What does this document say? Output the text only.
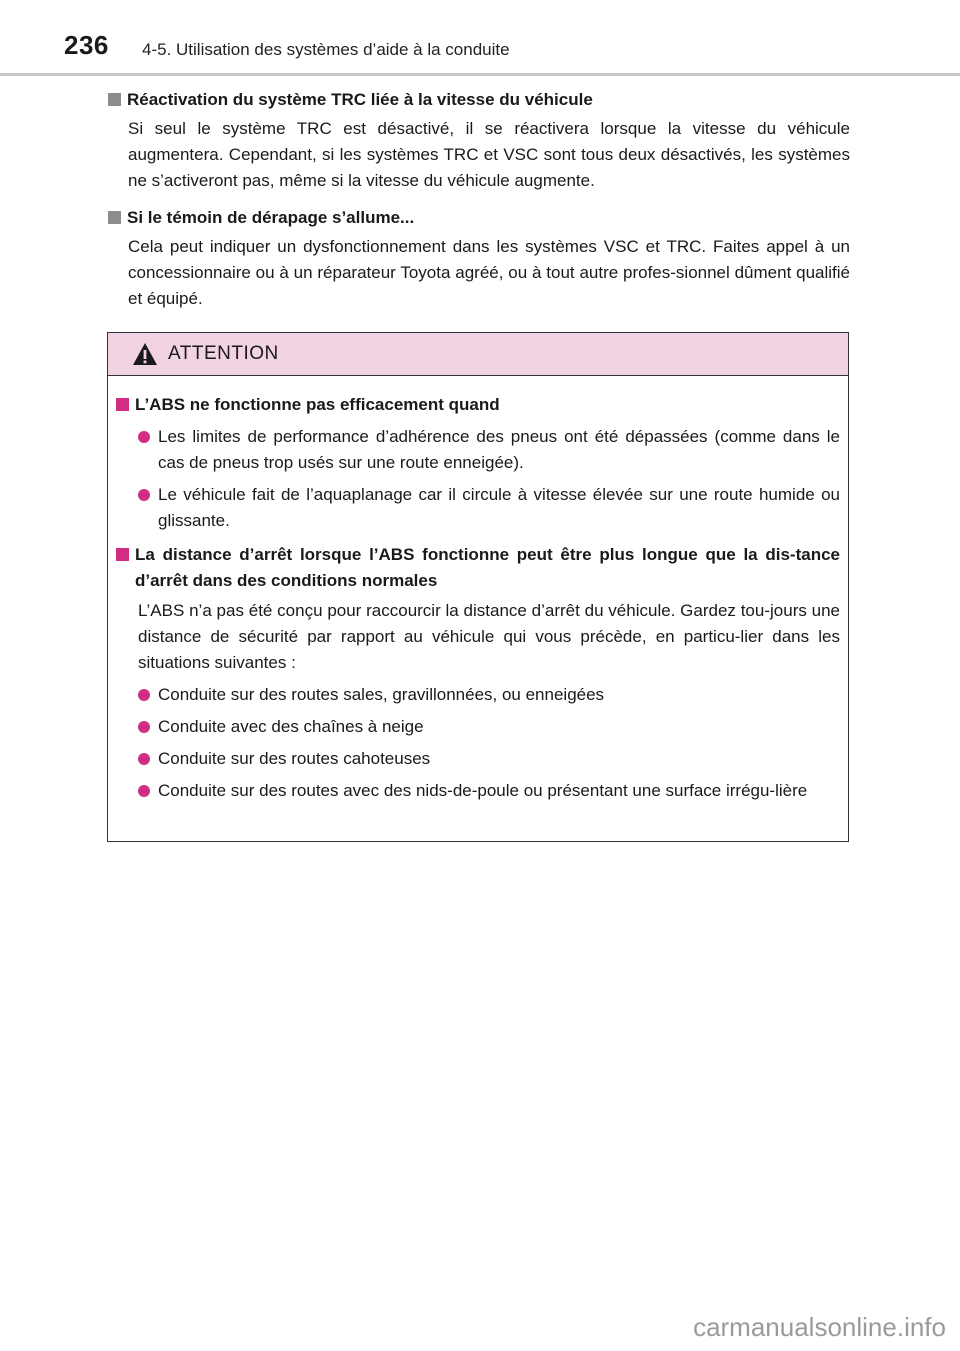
236 4-5. Utilisation des systèmes d’aide à la conduite
Réactivation du système TRC liée à la vitesse du véhicule
Si seul le système TRC est désactivé, il se réactivera lorsque la vitesse du véhicule augmentera. Cependant, si les systèmes TRC et VSC sont tous deux désactivés, les systèmes ne s’activeront pas, même si la vitesse du véhicule augmente.
Si le témoin de dérapage s’allume...
Cela peut indiquer un dysfonctionnement dans les systèmes VSC et TRC. Faites appel à un concessionnaire ou à un réparateur Toyota agréé, ou à tout autre profes-sionnel dûment qualifié et équipé.
ATTENTION
L’ABS ne fonctionne pas efficacement quand
Les limites de performance d’adhérence des pneus ont été dépassées (comme dans le cas de pneus trop usés sur une route enneigée).
Le véhicule fait de l’aquaplanage car il circule à vitesse élevée sur une route humide ou glissante.
La distance d’arrêt lorsque l’ABS fonctionne peut être plus longue que la dis-tance d’arrêt dans des conditions normales
L’ABS n’a pas été conçu pour raccourcir la distance d’arrêt du véhicule. Gardez tou-jours une distance de sécurité par rapport au véhicule qui vous précède, en particu-lier dans les situations suivantes :
Conduite sur des routes sales, gravillonnées, ou enneigées
Conduite avec des chaînes à neige
Conduite sur des routes cahoteuses
Conduite sur des routes avec des nids-de-poule ou présentant une surface irrégu-lière
carmanualsonline.info
